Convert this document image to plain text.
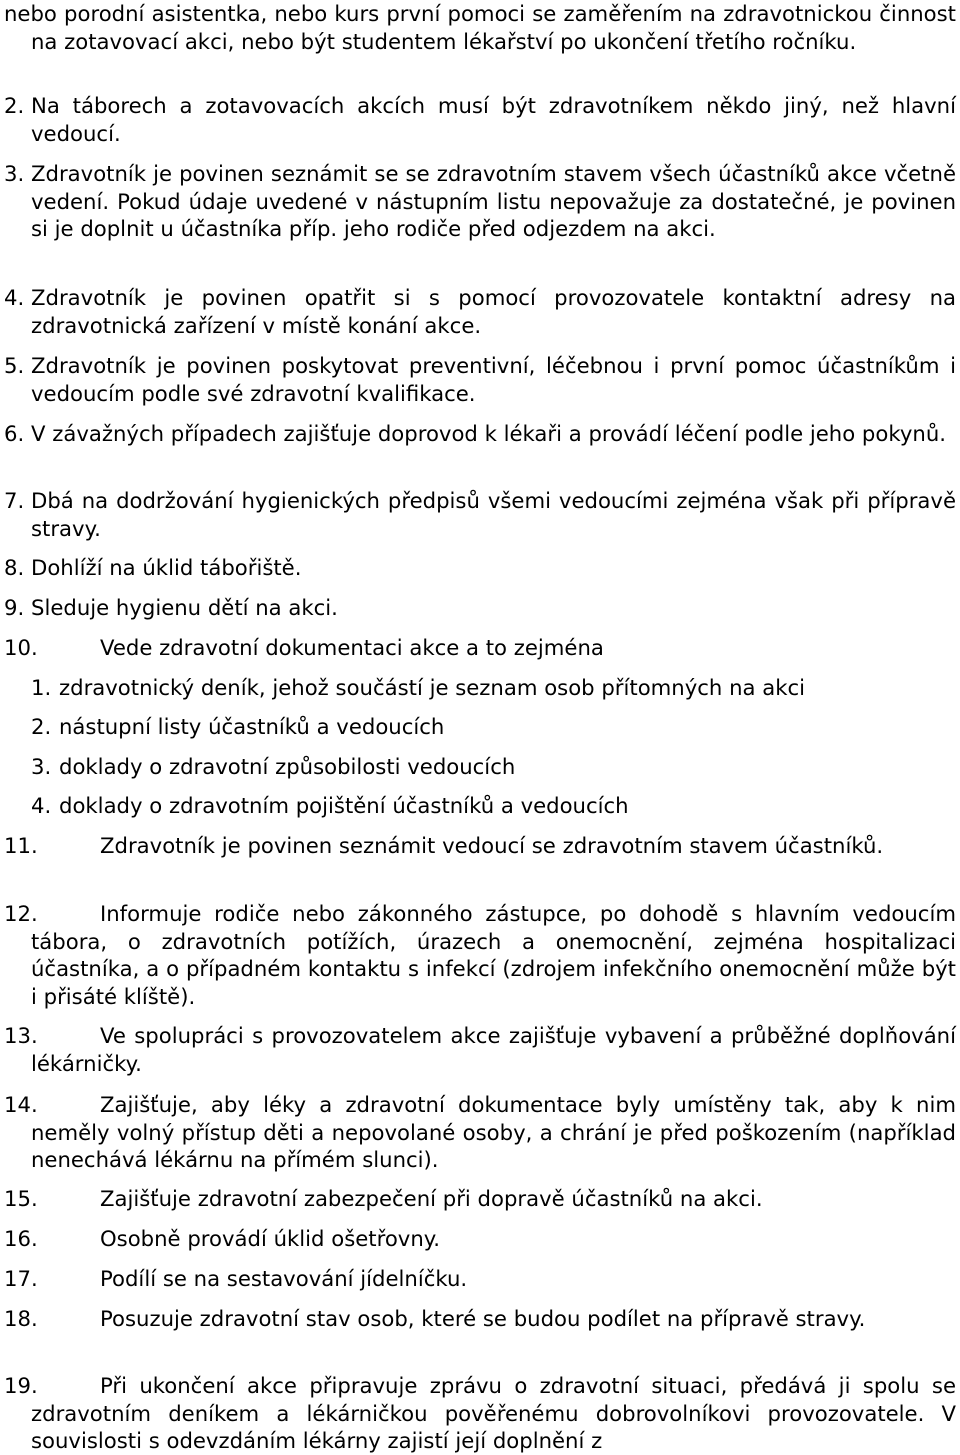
nebo porodní asistentka, nebo kurs první pomoci se zaměřením na zdravotnickou činnost na zotavovací akci, nebo být studentem lékařství po ukončení třetího ročníku.
2. Na táborech a zotavovacích akcích musí být zdravotníkem někdo jiný, než hlavní vedoucí.
3. Zdravotník je povinen seznámit se se zdravotním stavem všech účastníků akce včetně vedení. Pokud údaje uvedené v nástupním listu nepovažuje za dostatečné, je povinen si je doplnit u účastníka příp. jeho rodiče před odjezdem na akci.
4. Zdravotník je povinen opatřit si s pomocí provozovatele kontaktní adresy na zdravotnická zařízení v místě konání akce.
5. Zdravotník je povinen poskytovat preventivní, léčebnou i první pomoc účastníkům i vedoucím podle své zdravotní kvalifikace.
6. V závažných případech zajišťuje doprovod k lékaři a provádí léčení podle jeho pokynů.
7. Dbá na dodržování hygienických předpisů všemi vedoucími zejména však při přípravě stravy.
8. Dohlíží na úklid tábořiště.
9. Sleduje hygienu dětí na akci.
10.	Vede zdravotní dokumentaci akce a to zejména
1. zdravotnický deník, jehož součástí je seznam osob přítomných na akci
2. nástupní listy účastníků a vedoucích
3. doklady o zdravotní způsobilosti vedoucích
4. doklady o zdravotním pojištění účastníků a vedoucích
11.	Zdravotník je povinen seznámit vedoucí se zdravotním stavem účastníků.
12.	Informuje rodiče nebo zákonného zástupce, po dohodě s hlavním vedoucím tábora, o zdravotních potížích, úrazech a onemocnění, zejména hospitalizaci účastníka, a o případném kontaktu s infekcí (zdrojem infekčního onemocnění může být i přisáté klíště).
13.	Ve spolupráci s provozovatelem akce zajišťuje vybavení a průběžné doplňování lékárničky.
14.	Zajišťuje, aby léky a zdravotní dokumentace byly umístěny tak, aby k nim neměly volný přístup děti a nepovolané osoby, a chrání je před poškozením (například nenechává lékárnu na přímém slunci).
15.	Zajišťuje zdravotní zabezpečení při dopravě účastníků na akci.
16.	Osobně provádí úklid ošetřovny.
17.	Podílí se na sestavování jídelníčku.
18.	Posuzuje zdravotní stav osob, které se budou podílet na přípravě stravy.
19.	Při ukončení akce připravuje zprávu o zdravotní situaci, předává ji spolu se zdravotním deníkem a lékárničkou pověřenému dobrovolníkovi provozovatele. V souvislosti s odevzdáním lékárny zajistí její doplnění z
